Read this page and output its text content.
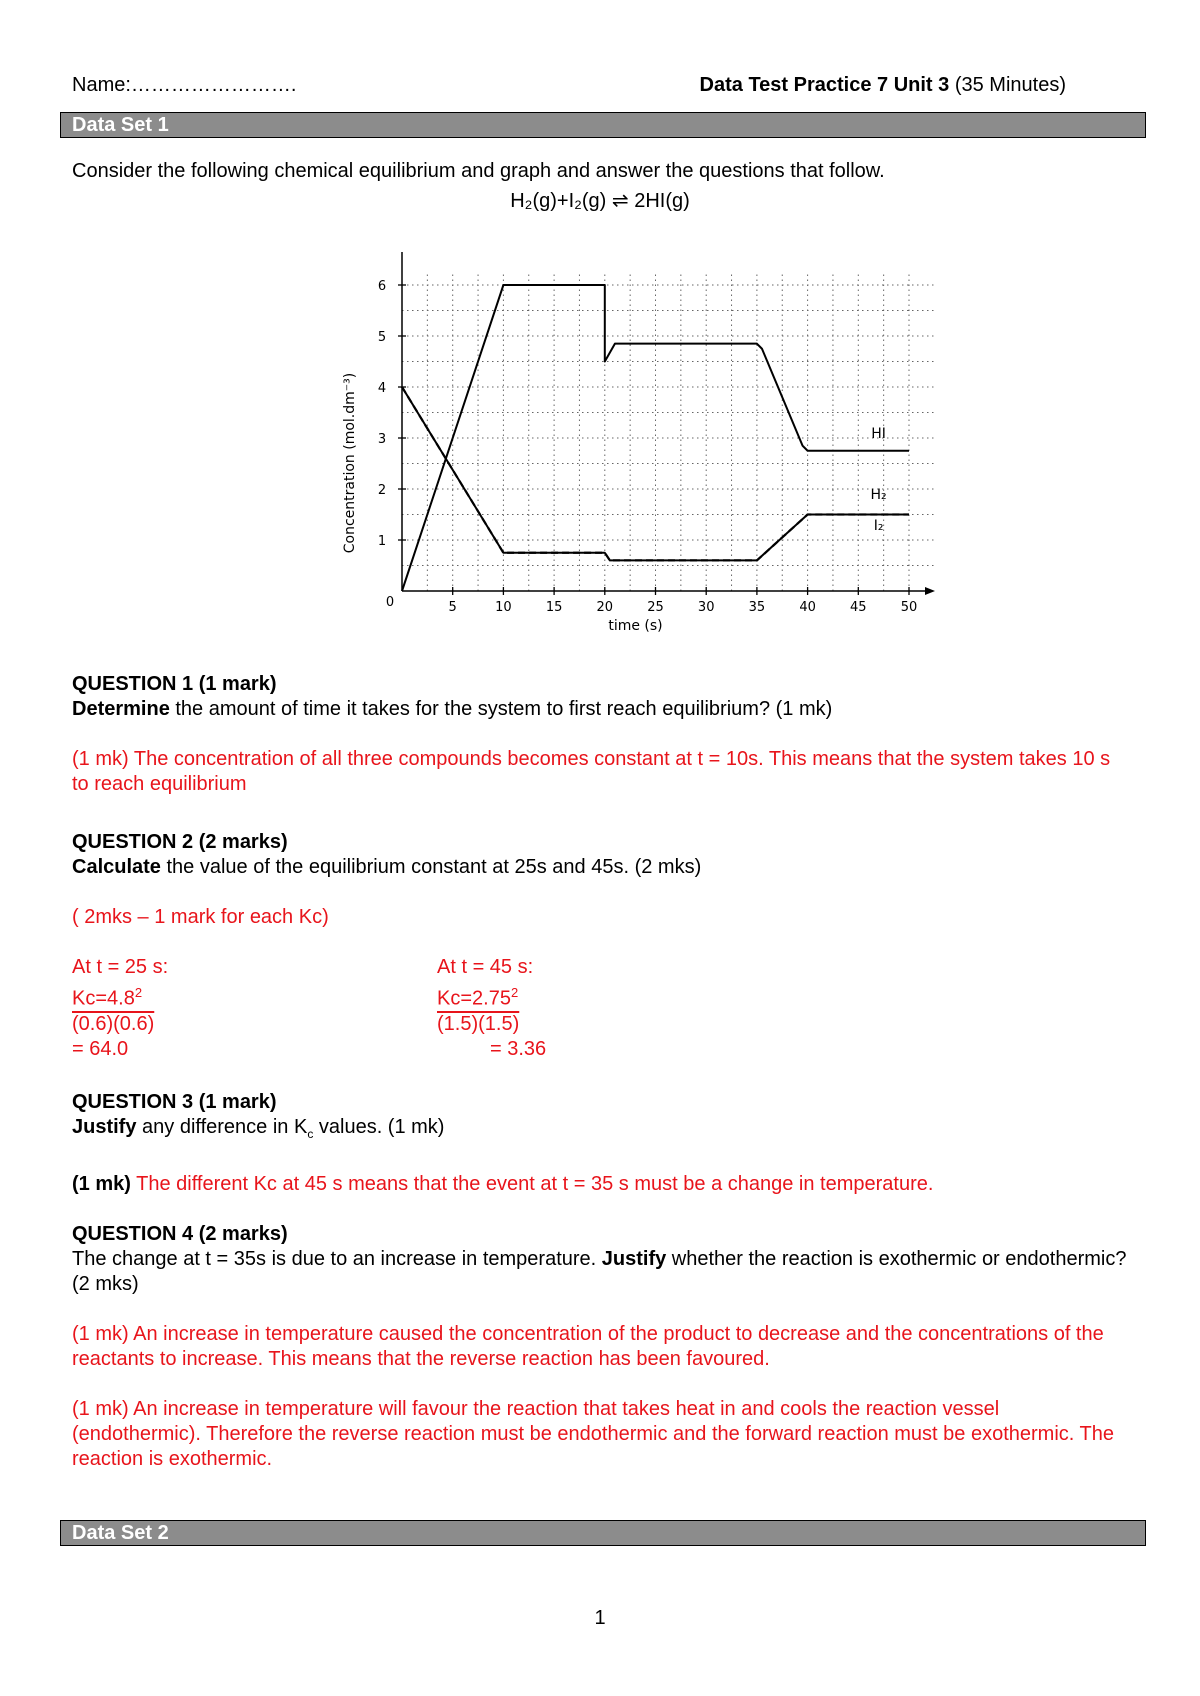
Name:…………………….	Data Test Practice 7 Unit 3 (35 Minutes)
Data Set 1
Consider the following chemical equilibrium and graph and answer the questions that follow.
H₂(g)+I₂(g) ⇌ 2HI(g)
0	5	10	15	20	25	30	35	40	45	50
1
2
3
4
5
6
time (s)
Concentration (mol.dm⁻³)	HI
H₂
I₂

QUESTION 1 (1 mark)

Determine the amount of time it takes for the system to first reach equilibrium? (1 mk)

(1 mk) The concentration of all three compounds becomes constant at t = 10s. This means that the system takes 10 s to reach equilibrium

QUESTION 2 (2 marks)

Calculate the value of the equilibrium constant at 25s and 45s. (2 mks)

( 2mks – 1 mark for each Kc)

At t = 25 s:

$Kc=4.8^2$

(0.6)(0.6)

= 64.0

At t = 45 s:

$Kc=2.75^2$

(1.5)(1.5)

= 3.36

QUESTION 3 (1 mark)

Justify any difference in $K_c$ values. (1 mk)

(1 mk) The different Kc at 45 s means that the event at t = 35 s must be a change in temperature.

QUESTION 4 (2 marks)

The change at t = 35s is due to an increase in temperature. Justify whether the reaction is exothermic or endothermic? (2 mks)

(1 mk) An increase in temperature caused the concentration of the product to decrease and the concentrations of the reactants to increase. This means that the reverse reaction has been favoured.

(1 mk) An increase in temperature will favour the reaction that takes heat in and cools the reaction vessel (endothermic). Therefore the reverse reaction must be endothermic and the forward reaction must be exothermic. The reaction is exothermic.

Data Set 2
1
